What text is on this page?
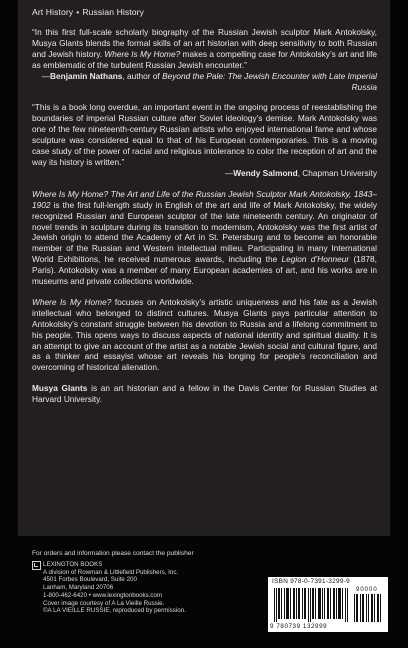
Art History • Russian History

“In this first full-scale scholarly biography of the Russian Jewish sculptor Mark Antokolsky, Musya Glants blends the formal skills of an art historian with deep sensitivity to both Russian and Jewish history. Where Is My Home? makes a compelling case for Antokolsky’s art and life as emblematic of the turbulent Russian Jewish encounter.”
—Benjamin Nathans, author of Beyond the Pale: The Jewish Encounter with Late Imperial Russia

“This is a book long overdue, an important event in the ongoing process of reestablishing the boundaries of imperial Russian culture after Soviet ideology’s demise. Mark Antokolsky was one of the few nineteenth-century Russian artists who enjoyed international fame and whose sculpture was considered equal to that of his European contemporaries. This is a moving case study of the power of racial and religious intolerance to color the reception of art and the way its history is written.”
—Wendy Salmond, Chapman University

Where Is My Home? The Art and Life of the Russian Jewish Sculptor Mark Antokolsky, 1843–1902 is the first full-length study in English of the art and life of Mark Antokolsky, the widely recognized Russian and European sculptor of the late nineteenth century. An originator of novel trends in sculpture during its transition to modernism, Antokolsky was the first artist of Jewish origin to attend the Academy of Art in St. Petersburg and to become an honorable member of the Russian and Western intellectual milieu. Participating in many International World Exhibitions, he received numerous awards, including the Legion d’Honneur (1878, Paris). Antokolsky was a member of many European academies of art, and his works are in museums and private collections worldwide.

Where Is My Home? focuses on Antokolsky’s artistic uniqueness and his fate as a Jewish intellectual who belonged to distinct cultures. Musya Glants pays particular attention to Antokolsky’s constant struggle between his devotion to Russia and a lifelong commitment to his people. This opens ways to discuss aspects of national identity and spiritual duality. It is an attempt to give an account of the artist as a notable Jewish social and cultural figure, and as a thinker and essayist whose art reveals his longing for people’s reconciliation and overcoming of historical alienation.

Musya Glants is an art historian and a fellow in the Davis Center for Russian Studies at Harvard University.

For orders and information please contact the publisher
LEXINGTON BOOKS
A division of Rowman & Littlefield Publishers, Inc.
4501 Forbes Boulevard, Suite 200
Lanham, Maryland 20706
1-800-462-6420 • www.lexingtonbooks.com
Cover image courtesy of A La Vieille Russie.
©A LA VIEILLE RUSSIE, reproduced by permission.
ISBN 978-0-7391-3299-9
90000
9 780739 132999
